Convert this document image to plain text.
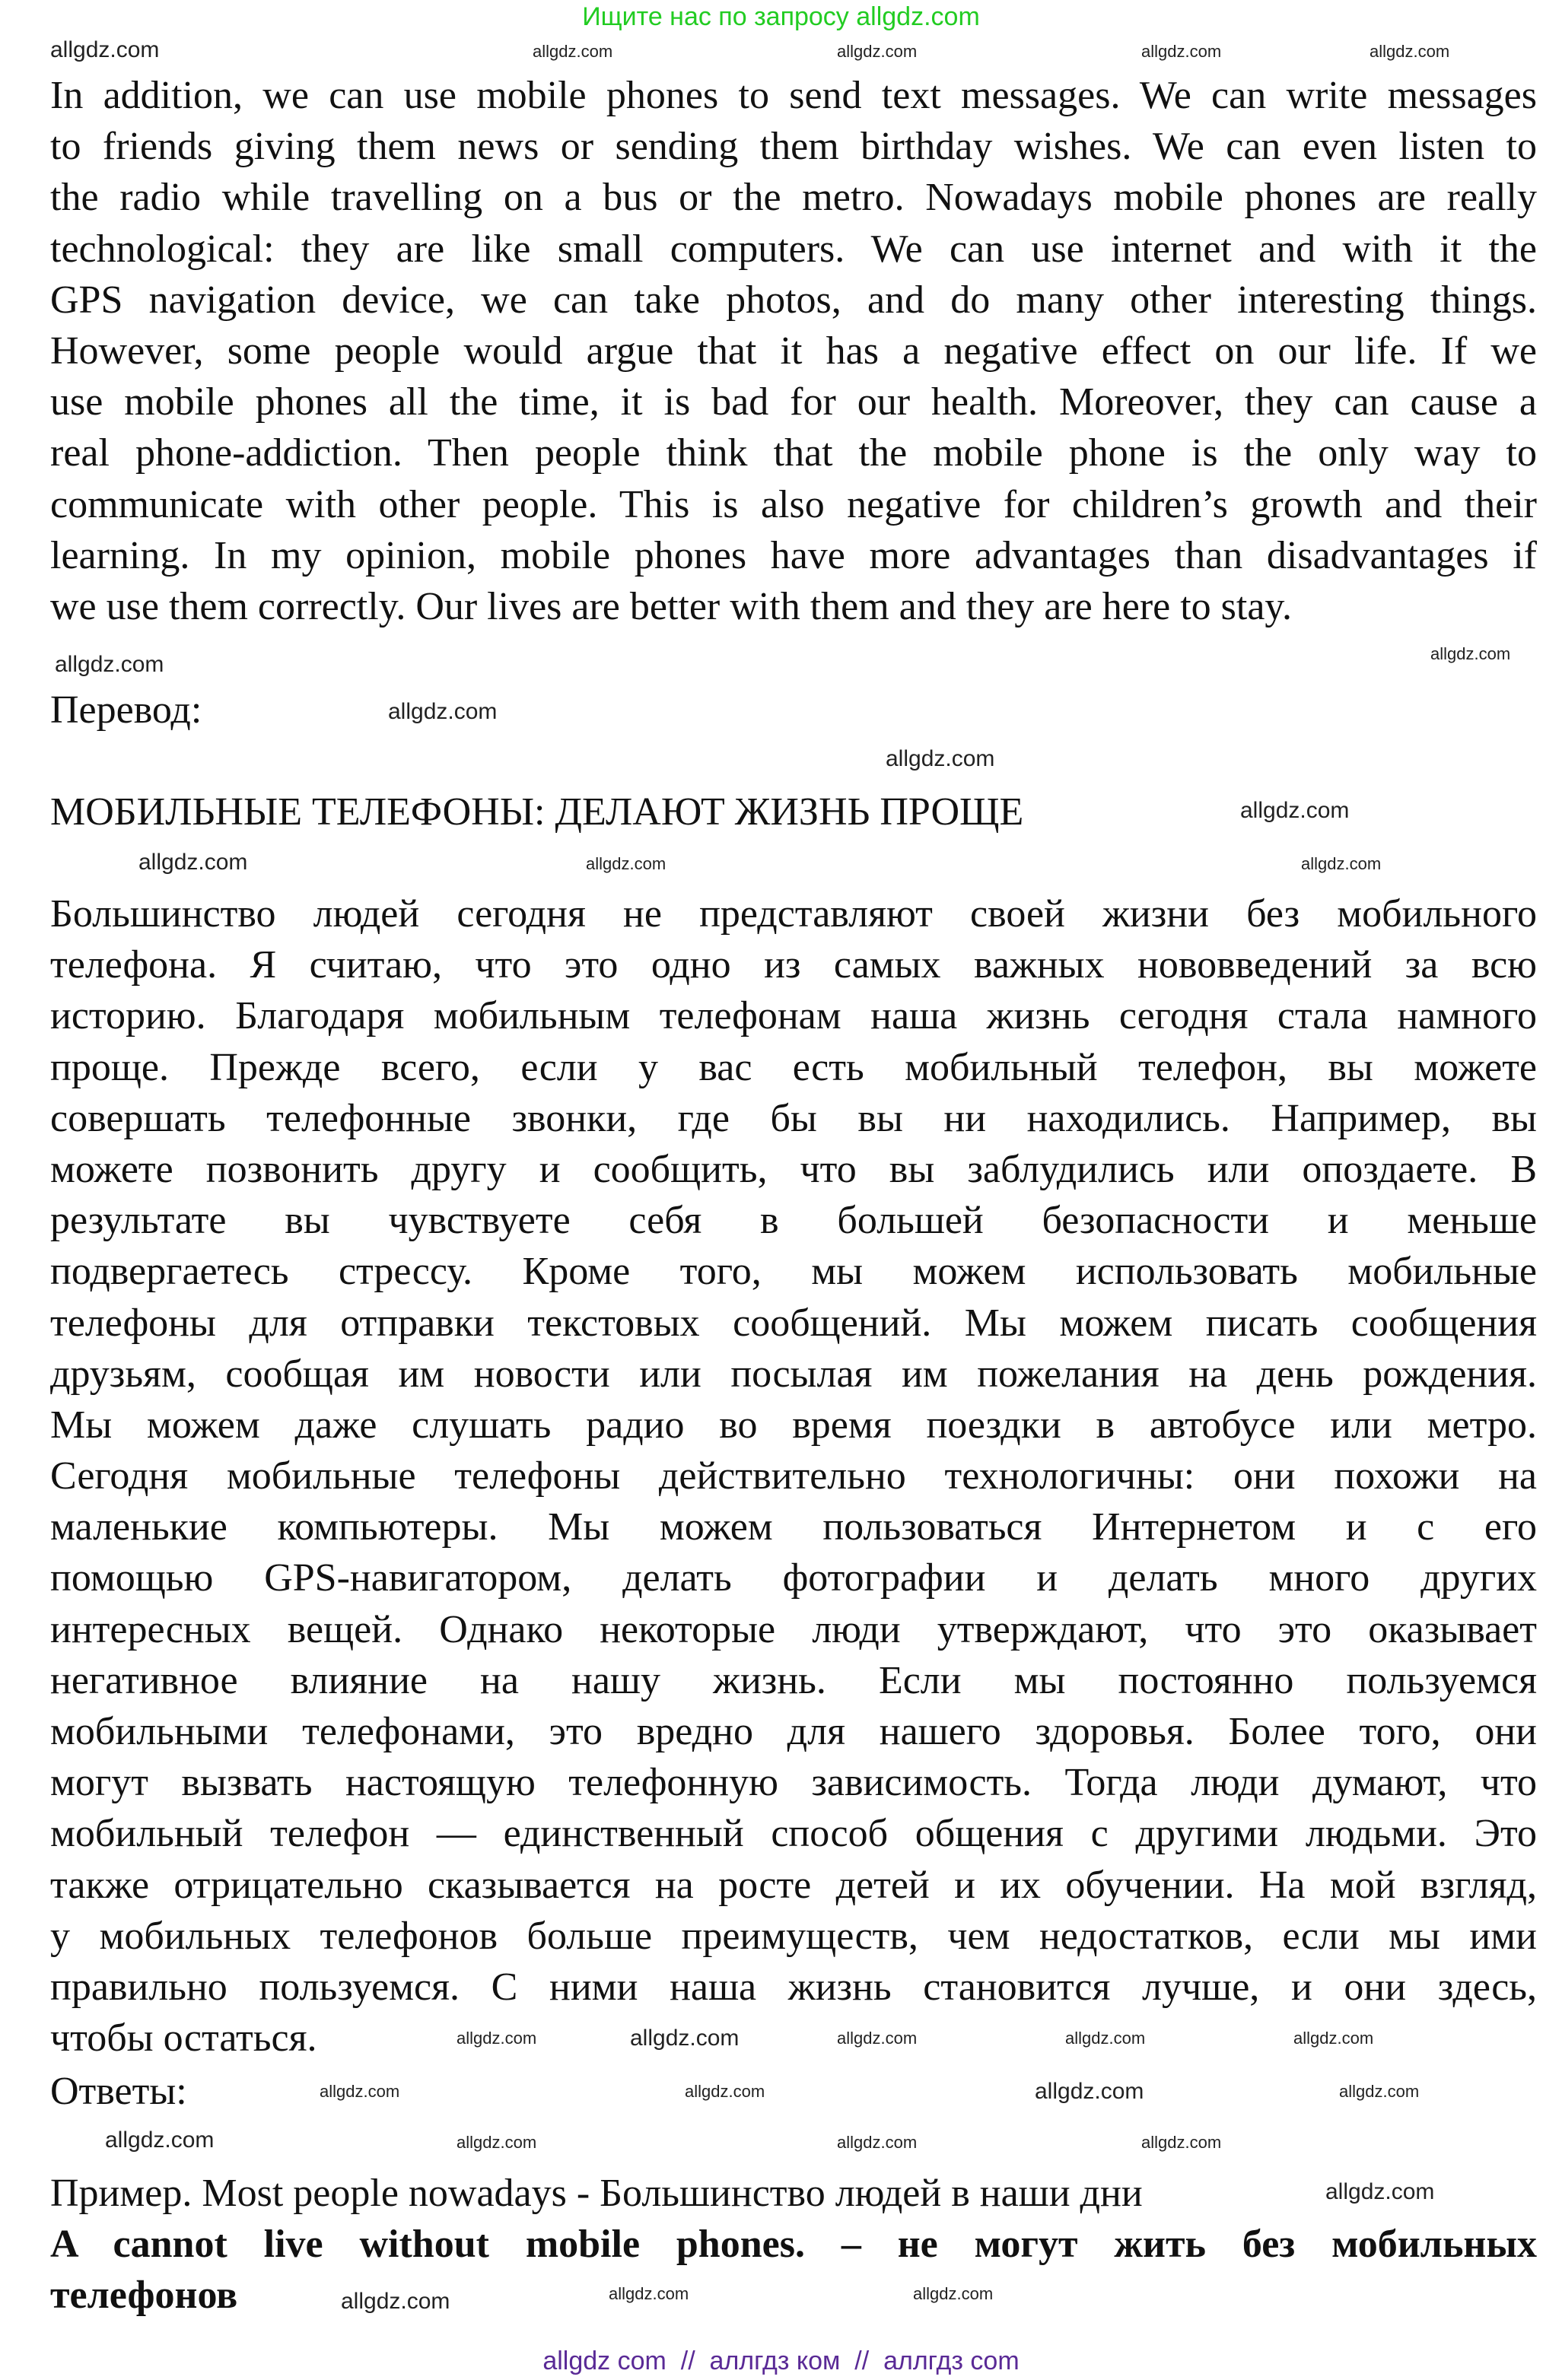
Ищите нас по запросу allgdz.com
In addition, we can use mobile phones to send text messages. We can write messages
to friends giving them news or sending them birthday wishes. We can even listen to
the radio while travelling on a bus or the metro. Nowadays mobile phones are really
technological: they are like small computers. We can use internet and with it the
GPS navigation device, we can take photos, and do many other interesting things.
However, some people would argue that it has a negative effect on our life. If we
use mobile phones all the time, it is bad for our health. Moreover, they can cause a
real phone-addiction. Then people think that the mobile phone is the only way to
communicate with other people. This is also negative for children’s growth and their
learning. In my opinion, mobile phones have more advantages than disadvantages if
we use them correctly. Our lives are better with them and they are here to stay.
Перевод:
МОБИЛЬНЫЕ ТЕЛЕФОНЫ: ДЕЛАЮТ ЖИЗНЬ ПРОЩЕ
Большинство людей сегодня не представляют своей жизни без мобильного
телефона. Я считаю, что это одно из самых важных нововведений за всю
историю. Благодаря мобильным телефонам наша жизнь сегодня стала намного
проще. Прежде всего, если у вас есть мобильный телефон, вы можете
совершать телефонные звонки, где бы вы ни находились. Например, вы
можете позвонить другу и сообщить, что вы заблудились или опоздаете. В
результате вы чувствуете себя в большей безопасности и меньше
подвергаетесь стрессу. Кроме того, мы можем использовать мобильные
телефоны для отправки текстовых сообщений. Мы можем писать сообщения
друзьям, сообщая им новости или посылая им пожелания на день рождения.
Мы можем даже слушать радио во время поездки в автобусе или метро.
Сегодня мобильные телефоны действительно технологичны: они похожи на
маленькие компьютеры. Мы можем пользоваться Интернетом и с его
помощью GPS-навигатором, делать фотографии и делать много других
интересных вещей. Однако некоторые люди утверждают, что это оказывает
негативное влияние на нашу жизнь. Если мы постоянно пользуемся
мобильными телефонами, это вредно для нашего здоровья. Более того, они
могут вызвать настоящую телефонную зависимость. Тогда люди думают, что
мобильный телефон — единственный способ общения с другими людьми. Это
также отрицательно сказывается на росте детей и их обучении. На мой взгляд,
у мобильных телефонов больше преимуществ, чем недостатков, если мы ими
правильно пользуемся. С ними наша жизнь становится лучше, и они здесь,
чтобы остаться.
Ответы:
Пример. Most people nowadays - Большинство людей в наши дни
A cannot live without mobile phones. – не могут жить без мобильных
телефонов
allgdz.com	allgdz.com	allgdz.com	allgdz.com	allgdz.com
allgdz.com
allgdz.com
allgdz.com
allgdz.com
allgdz.com
allgdz.com	allgdz.com	allgdz.com
allgdz.com	allgdz.com	allgdz.com	allgdz.com
allgdz.com	allgdz.com	allgdz.com
allgdz.com	allgdz.com	allgdz.com
allgdz.com
allgdz.com
allgdz.com
allgdz.com
allgdz.com
allgdz.com	allgdz.com
allgdz com  //  аллгдз ком  //  аллгдз com
